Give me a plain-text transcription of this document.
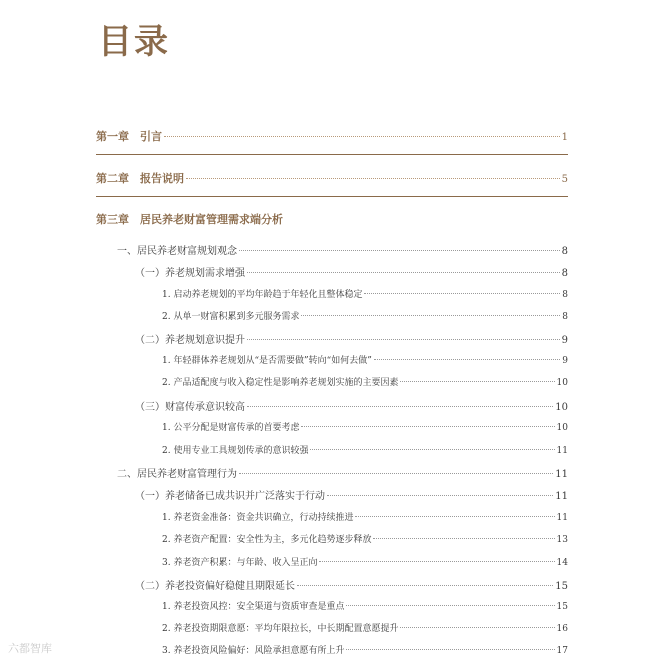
目录
第一章　引言	1
第二章　报告说明	5
第三章　居民养老财富管理需求端分析
一、居民养老财富规划观念	8
（一）养老规划需求增强	8
1. 启动养老规划的平均年龄趋于年轻化且整体稳定	8
2. 从单一财富积累到多元服务需求	8
（二）养老规划意识提升	9
1. 年轻群体养老规划从“是否需要做”转向“如何去做”	9
2. 产品适配度与收入稳定性是影响养老规划实施的主要因素	10
（三）财富传承意识较高	10
1. 公平分配是财富传承的首要考虑	10
2. 使用专业工具规划传承的意识较强	11
二、居民养老财富管理行为	11
（一）养老储备已成共识并广泛落实于行动	11
1. 养老资金准备：资金共识确立，行动持续推进	11
2. 养老资产配置：安全性为主，多元化趋势逐步释放	13
3. 养老资产积累：与年龄、收入呈正向	14
（二）养老投资偏好稳健且期限延长	15
1. 养老投资风控：安全渠道与资质审查是重点	15
2. 养老投资期限意愿：平均年限拉长，中长期配置意愿提升	16
3. 养老投资风险偏好：风险承担意愿有所上升	17
六都智库
